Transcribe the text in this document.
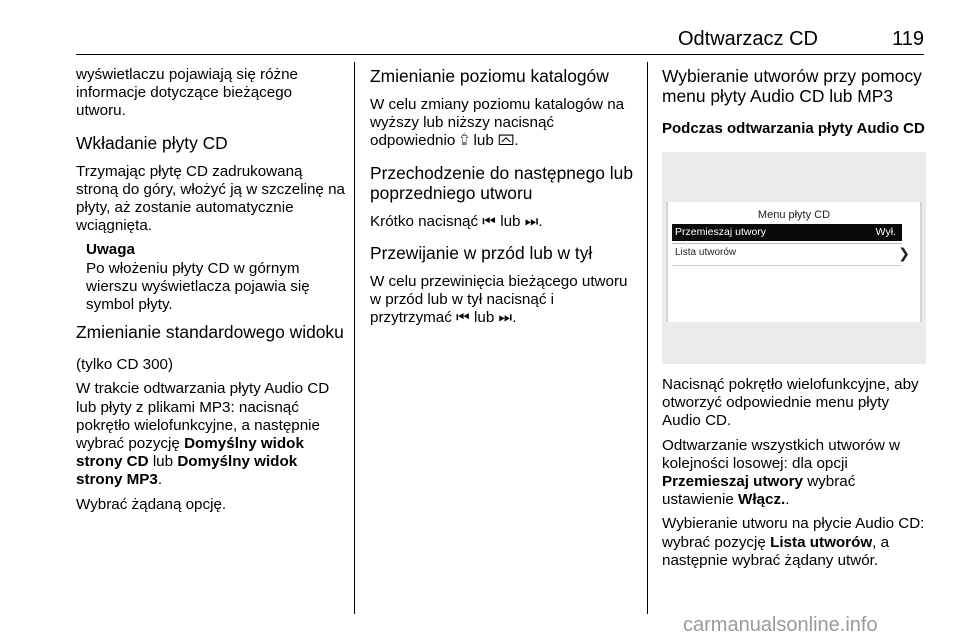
Odtwarzacz CD	119

wyświetlaczu pojawiają się różne informacje dotyczące bieżącego utworu.

Wkładanie płyty CD

Trzymając płytę CD zadrukowaną stroną do góry, włożyć ją w szczelinę na płyty, aż zostanie automatycznie wciągnięta.

Uwaga

Po włożeniu płyty CD w górnym wierszu wyświetlacza pojawia się symbol płyty.

Zmienianie standardowego widoku

(tylko CD 300)

W trakcie odtwarzania płyty Audio CD lub płyty z plikami MP3: nacisnąć pokrętło wielofunkcyjne, a następnie wybrać pozycję Domyślny widok strony CD lub Domyślny widok strony MP3.

Wybrać żądaną opcję.

Zmienianie poziomu katalogów

W celu zmiany poziomu katalogów na wyższy lub niższy nacisnąć odpowiednio ⮸ lub ⮹.

Przechodzenie do następnego lub poprzedniego utworu

Krótko nacisnąć ⏮︎ lub ⏭︎.

Przewijanie w przód lub w tył

W celu przewinięcia bieżącego utworu w przód lub w tył nacisnąć i przytrzymać ⏮︎ lub ⏭︎.

Wybieranie utworów przy pomocy menu płyty Audio CD lub MP3
Podczas odtwarzania płyty Audio CD
Menu płyty CD
Przemieszaj utwory	Wył.
Lista utworów	❯

Nacisnąć pokrętło wielofunkcyjne, aby otworzyć odpowiednie menu płyty Audio CD.

Odtwarzanie wszystkich utworów w kolejności losowej: dla opcji Przemieszaj utwory wybrać ustawienie Włącz..

Wybieranie utworu na płycie Audio CD: wybrać pozycję Lista utworów, a następnie wybrać żądany utwór.

carmanualsonline.info
